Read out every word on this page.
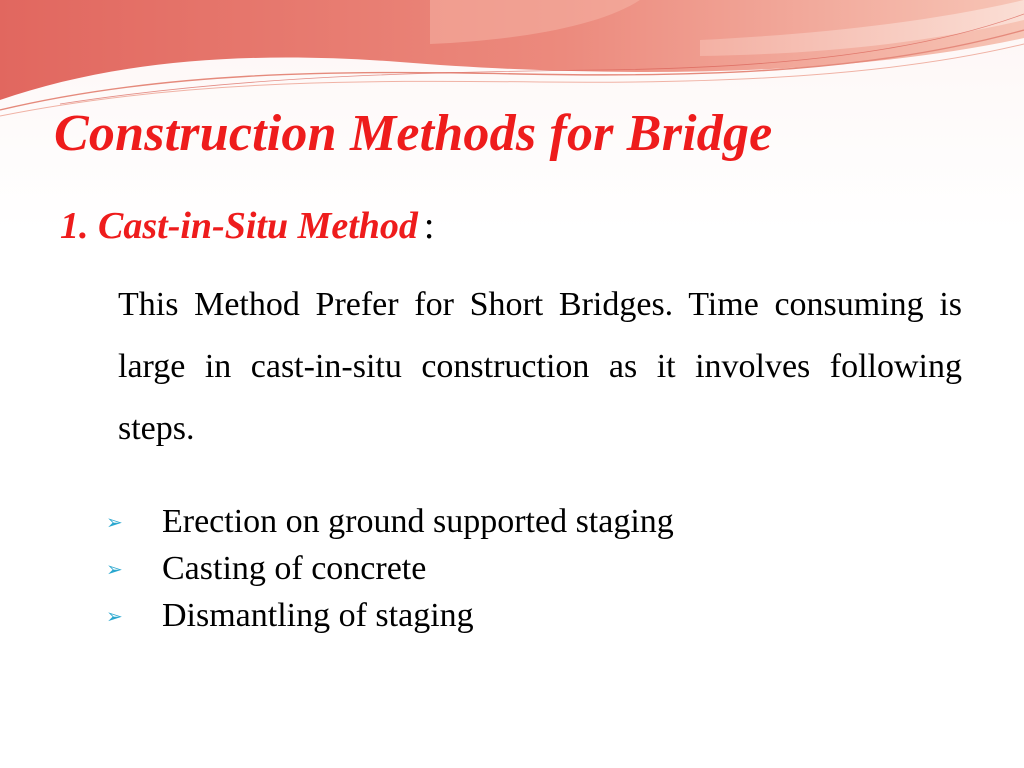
Construction Methods for Bridge
1. Cast-in-Situ Method :

This Method Prefer for Short Bridges. Time consuming is large in cast-in-situ construction as it involves following steps.

➢	Erection on ground supported staging
➢	Casting of concrete
➢	Dismantling of staging
